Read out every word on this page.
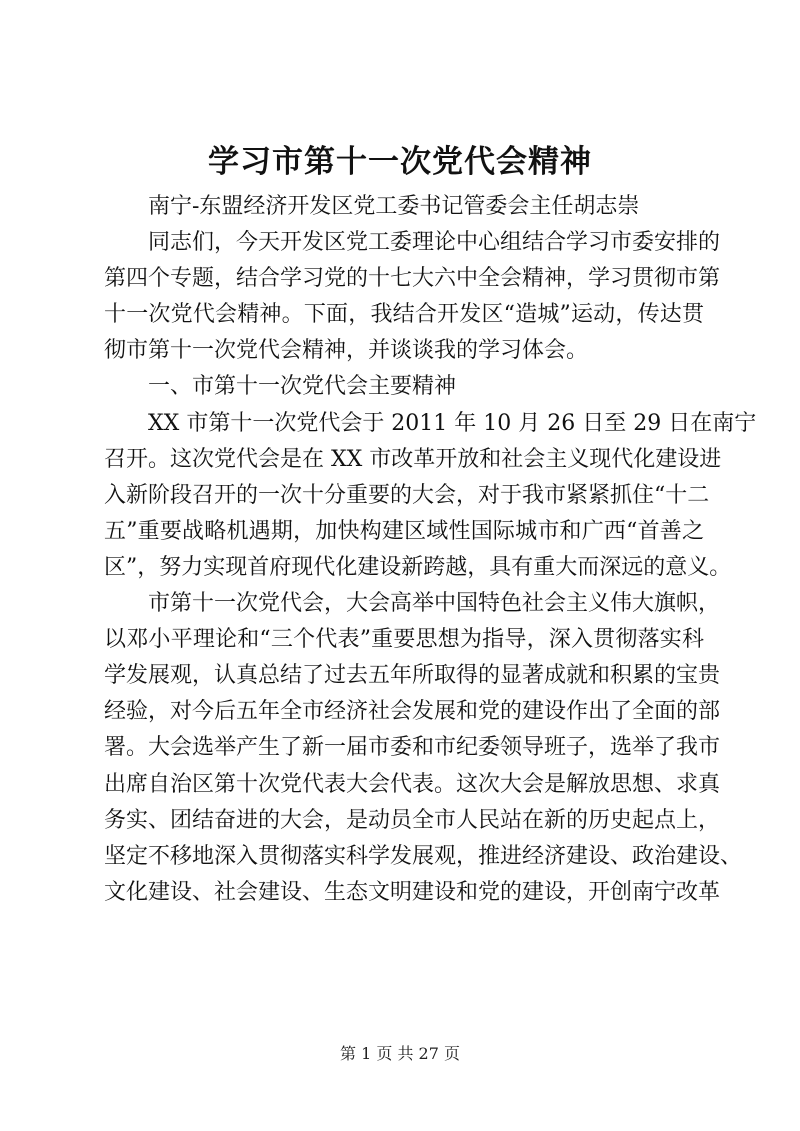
学习市第十一次党代会精神
南宁-东盟经济开发区党工委书记管委会主任胡志崇
同志们，今天开发区党工委理论中心组结合学习市委安排的
第四个专题，结合学习党的十七大六中全会精神，学习贯彻市第
十一次党代会精神。下面，我结合开发区“造城”运动，传达贯
彻市第十一次党代会精神，并谈谈我的学习体会。
一、市第十一次党代会主要精神
XX 市第十一次党代会于 2011 年 10 月 26 日至 29 日在南宁
召开。这次党代会是在 XX 市改革开放和社会主义现代化建设进
入新阶段召开的一次十分重要的大会，对于我市紧紧抓住“十二
五”重要战略机遇期，加快构建区域性国际城市和广西“首善之
区”，努力实现首府现代化建设新跨越，具有重大而深远的意义。
市第十一次党代会，大会高举中国特色社会主义伟大旗帜，
以邓小平理论和“三个代表”重要思想为指导，深入贯彻落实科
学发展观，认真总结了过去五年所取得的显著成就和积累的宝贵
经验，对今后五年全市经济社会发展和党的建设作出了全面的部
署。大会选举产生了新一届市委和市纪委领导班子，选举了我市
出席自治区第十次党代表大会代表。这次大会是解放思想、求真
务实、团结奋进的大会，是动员全市人民站在新的历史起点上，
坚定不移地深入贯彻落实科学发展观，推进经济建设、政治建设、
文化建设、社会建设、生态文明建设和党的建设，开创南宁改革
第 1 页 共 27 页
